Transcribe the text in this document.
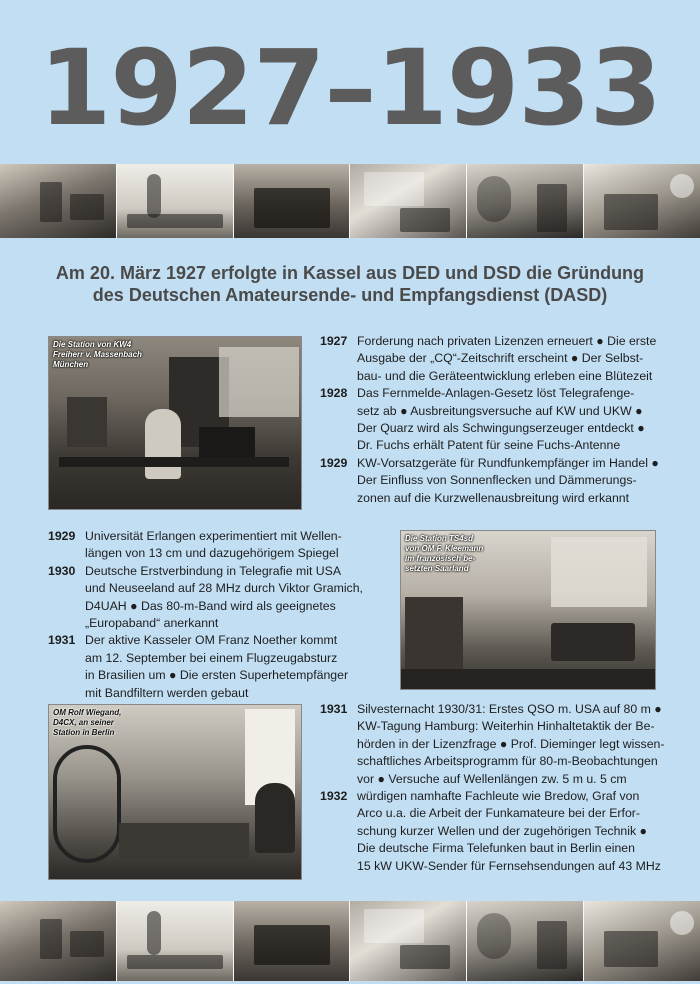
1927–1933
Am 20. März 1927 erfolgte in Kassel aus DED und DSD die Gründung
des Deutschen Amateursende- und Empfangsdienst (DASD)
Die Station von KW4
Freiherr v. Massenbach
München
1927 Forderung nach privaten Lizenzen erneuert ● Die erste
Ausgabe der „CQ“-Zeitschrift erscheint ● Der Selbst-
bau- und die Geräteentwicklung erleben eine Blütezeit
1928 Das Fernmelde-Anlagen-Gesetz löst Telegrafenge-
setz ab ● Ausbreitungsversuche auf KW und UKW ●
Der Quarz wird als Schwingungserzeuger entdeckt ●
Dr. Fuchs erhält Patent für seine Fuchs-Antenne
1929 KW-Vorsatzgeräte für Rundfunkempfänger im Handel ●
Der Einfluss von Sonnenflecken und Dämmerungs-
zonen auf die Kurzwellenausbreitung wird erkannt
1929 Universität Erlangen experimentiert mit Wellen-
längen von 13 cm und dazugehörigem Spiegel
1930 Deutsche Erstverbindung in Telegrafie mit USA
und Neuseeland auf 28 MHz durch Viktor Gramich,
D4UAH ● Das 80-m-Band wird als geeignetes
„Europaband“ anerkannt
1931 Der aktive Kasseler OM Franz Noether kommt
am 12. September bei einem Flugzeugabsturz
in Brasilien um ● Die ersten Superhetempfänger
mit Bandfiltern werden gebaut
Die Station TS4sd
von OM F. Kleemann
im französisch be-
setzten Saarland
OM Rolf Wiegand,
D4CX, an seiner
Station in Berlin
1931 Silvesternacht 1930/31: Erstes QSO m. USA auf 80 m ●
KW-Tagung Hamburg: Weiterhin Hinhaltetaktik der Be-
hörden in der Lizenzfrage ● Prof. Dieminger legt wissen-
schaftliches Arbeitsprogramm für 80-m-Beobachtungen
vor ● Versuche auf Wellenlängen zw. 5 m u. 5 cm
1932 würdigen namhafte Fachleute wie Bredow, Graf von
Arco u.a. die Arbeit der Funkamateure bei der Erfor-
schung kurzer Wellen und der zugehörigen Technik ●
Die deutsche Firma Telefunken baut in Berlin einen
15 kW UKW-Sender für Fernsehsendungen auf 43 MHz
